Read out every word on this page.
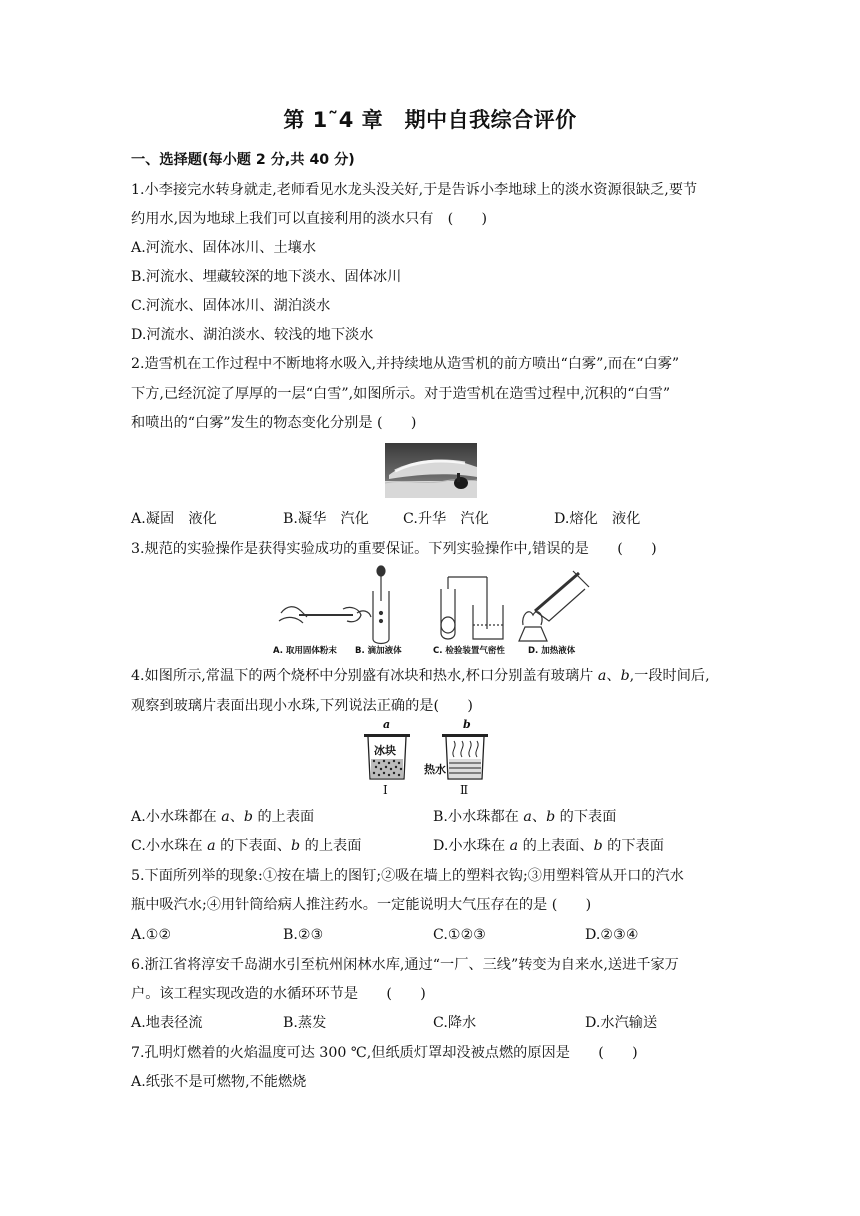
第 1˜4 章　期中自我综合评价
一、选择题(每小题 2 分,共 40 分)
1.小李接完水转身就走,老师看见水龙头没关好,于是告诉小李地球上的淡水资源很缺乏,要节
约用水,因为地球上我们可以直接利用的淡水只有　(　　)
A.河流水、固体冰川、土壤水
B.河流水、埋藏较深的地下淡水、固体冰川
C.河流水、固体冰川、湖泊淡水
D.河流水、湖泊淡水、较浅的地下淡水
2.造雪机在工作过程中不断地将水吸入,并持续地从造雪机的前方喷出“白雾”,而在“白雾”
下方,已经沉淀了厚厚的一层“白雪”,如图所示。对于造雪机在造雪过程中,沉积的“白雪”
和喷出的“白雾”发生的物态变化分别是 (　　)
A.凝固　液化	B.凝华　汽化 C.升华　汽化	D.熔化　液化
3.规范的实验操作是获得实验成功的重要保证。下列实验操作中,错误的是　　(　　)
A. 取用固体粉末 B. 滴加液体	C. 检验装置气密性	D. 加热液体
4.如图所示,常温下的两个烧杯中分别盛有冰块和热水,杯口分别盖有玻璃片 a、b,一段时间后,
观察到玻璃片表面出现小水珠,下列说法正确的是(　　)
a	b
冰块
热水
Ⅰ	Ⅱ
A.小水珠都在 a、b 的上表面	B.小水珠都在 a、b 的下表面
C.小水珠在 a 的下表面、b 的上表面	D.小水珠在 a 的上表面、b 的下表面
5.下面所列举的现象:①按在墙上的图钉;②吸在墙上的塑料衣钩;③用塑料管从开口的汽水
瓶中吸汽水;④用针筒给病人推注药水。一定能说明大气压存在的是 (　　)
A.①②	B.②③	C.①②③	D.②③④
6.浙江省将淳安千岛湖水引至杭州闲林水库,通过“一厂、三线”转变为自来水,送进千家万
户。该工程实现改造的水循环环节是　　(　　)
A.地表径流	B.蒸发	C.降水	D.水汽输送
7.孔明灯燃着的火焰温度可达 300 ℃,但纸质灯罩却没被点燃的原因是　　(　　)
A.纸张不是可燃物,不能燃烧
